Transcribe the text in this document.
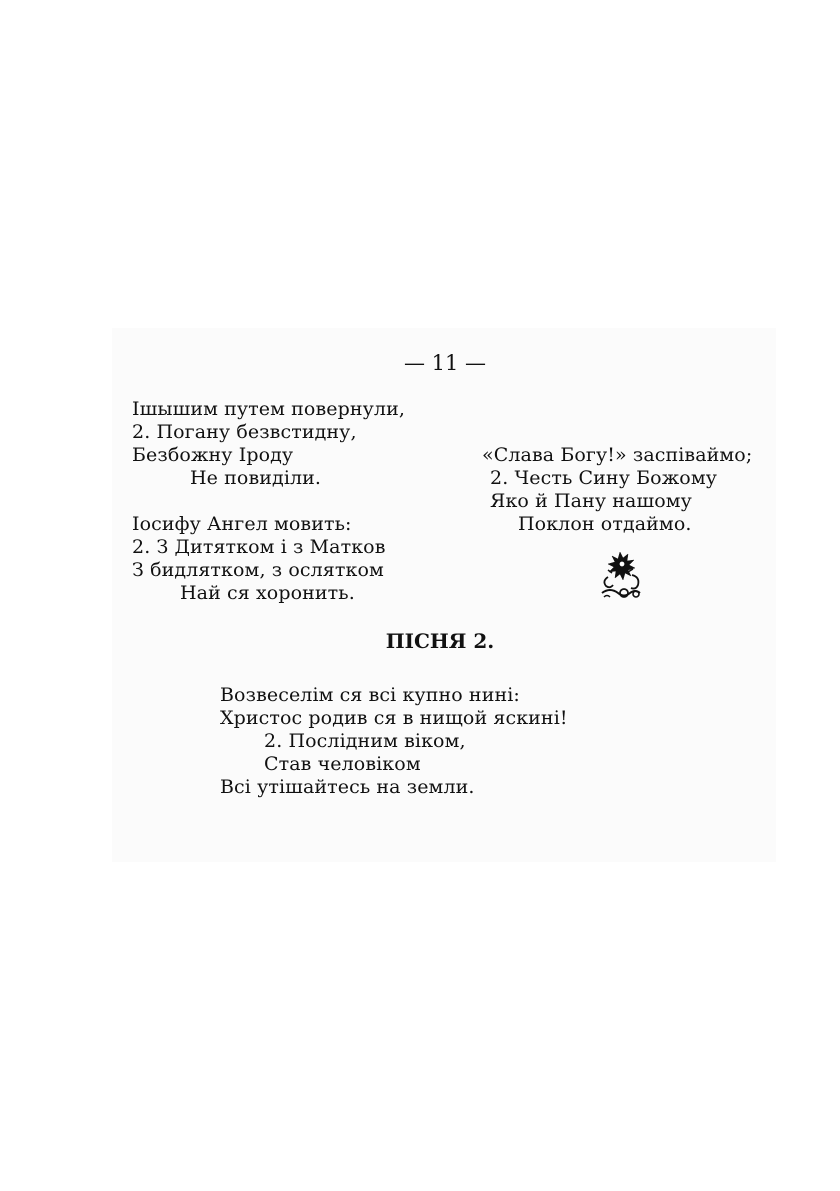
— 11 —
Ішышим путем повернули,
2. Погану безвстидну,
Безбожну Іроду
Не повиділи.
Іосифу Ангел мовить:
2. З Дитятком і з Матков
З бидлятком, з ослятком
Най ся хоронить.
«Слава Богу!» заспіваймо;
2. Честь Сину Божому
Яко й Пану нашому
Поклон отдаймо.
ПІСНЯ 2.
Возвеселім ся всі купно нині:
Христос родив ся в нищой яскині!
2. Послідним віком,
Став человіком
Всі утішайтесь на земли.
